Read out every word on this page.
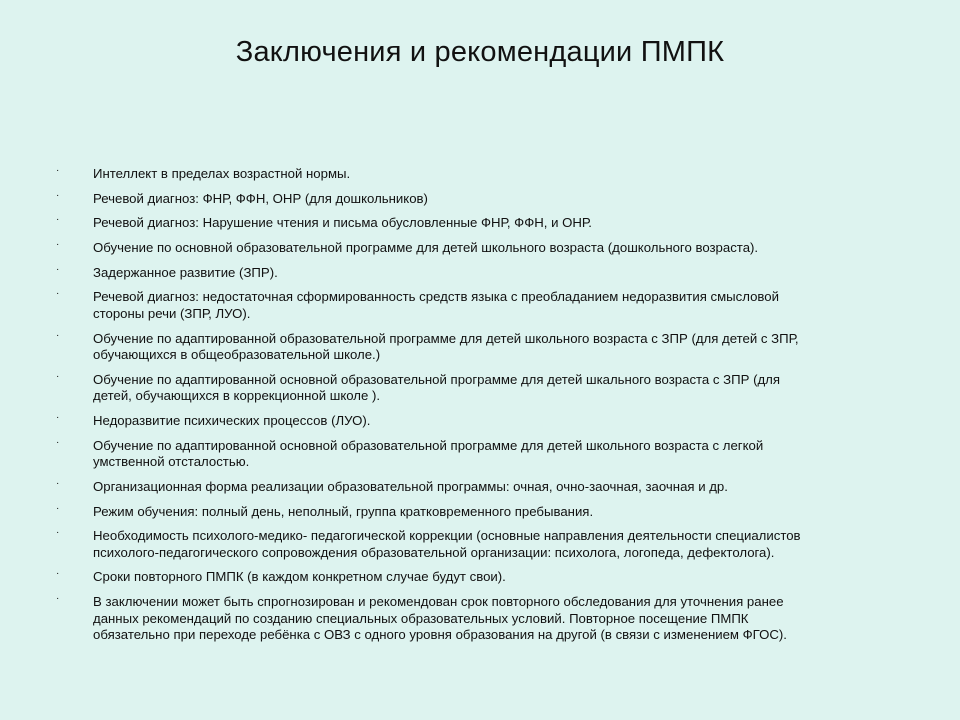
Заключения и рекомендации ПМПК
·	Интеллект в пределах возрастной нормы.
·	Речевой диагноз: ФНР, ФФН, ОНР (для дошкольников)
·	Речевой диагноз: Нарушение чтения и письма обусловленные ФНР, ФФН, и ОНР.
·	Обучение по основной образовательной программе для детей школьного возраста (дошкольного возраста).
·	Задержанное развитие (ЗПР).
·	Речевой диагноз: недостаточная сформированность средств языка с преобладанием недоразвития смысловой
стороны речи (ЗПР, ЛУО).
·	Обучение по адаптированной образовательной программе для детей школьного возраста с ЗПР (для детей с ЗПР,
обучающихся в общеобразовательной школе.)
·	Обучение по адаптированной основной образовательной программе для детей шкального возраста с ЗПР (для
детей, обучающихся в коррекционной школе ).
·	Недоразвитие психических процессов (ЛУО).
·	Обучение по адаптированной основной образовательной программе для детей школьного возраста с легкой
умственной отсталостью.
·	Организационная форма реализации образовательной программы: очная, очно-заочная, заочная и др.
·	Режим обучения: полный день, неполный, группа кратковременного пребывания.
·	Необходимость психолого-медико- педагогической коррекции (основные направления деятельности специалистов
психолого-педагогического сопровождения образовательной организации: психолога, логопеда, дефектолога).
·	Сроки повторного ПМПК (в каждом конкретном случае будут свои).
·	В заключении может быть спрогнозирован и рекомендован срок повторного обследования для уточнения ранее
данных рекомендаций по созданию специальных образовательных условий. Повторное посещение ПМПК
обязательно при переходе ребёнка с ОВЗ с одного уровня образования на другой (в связи с изменением ФГОС).
